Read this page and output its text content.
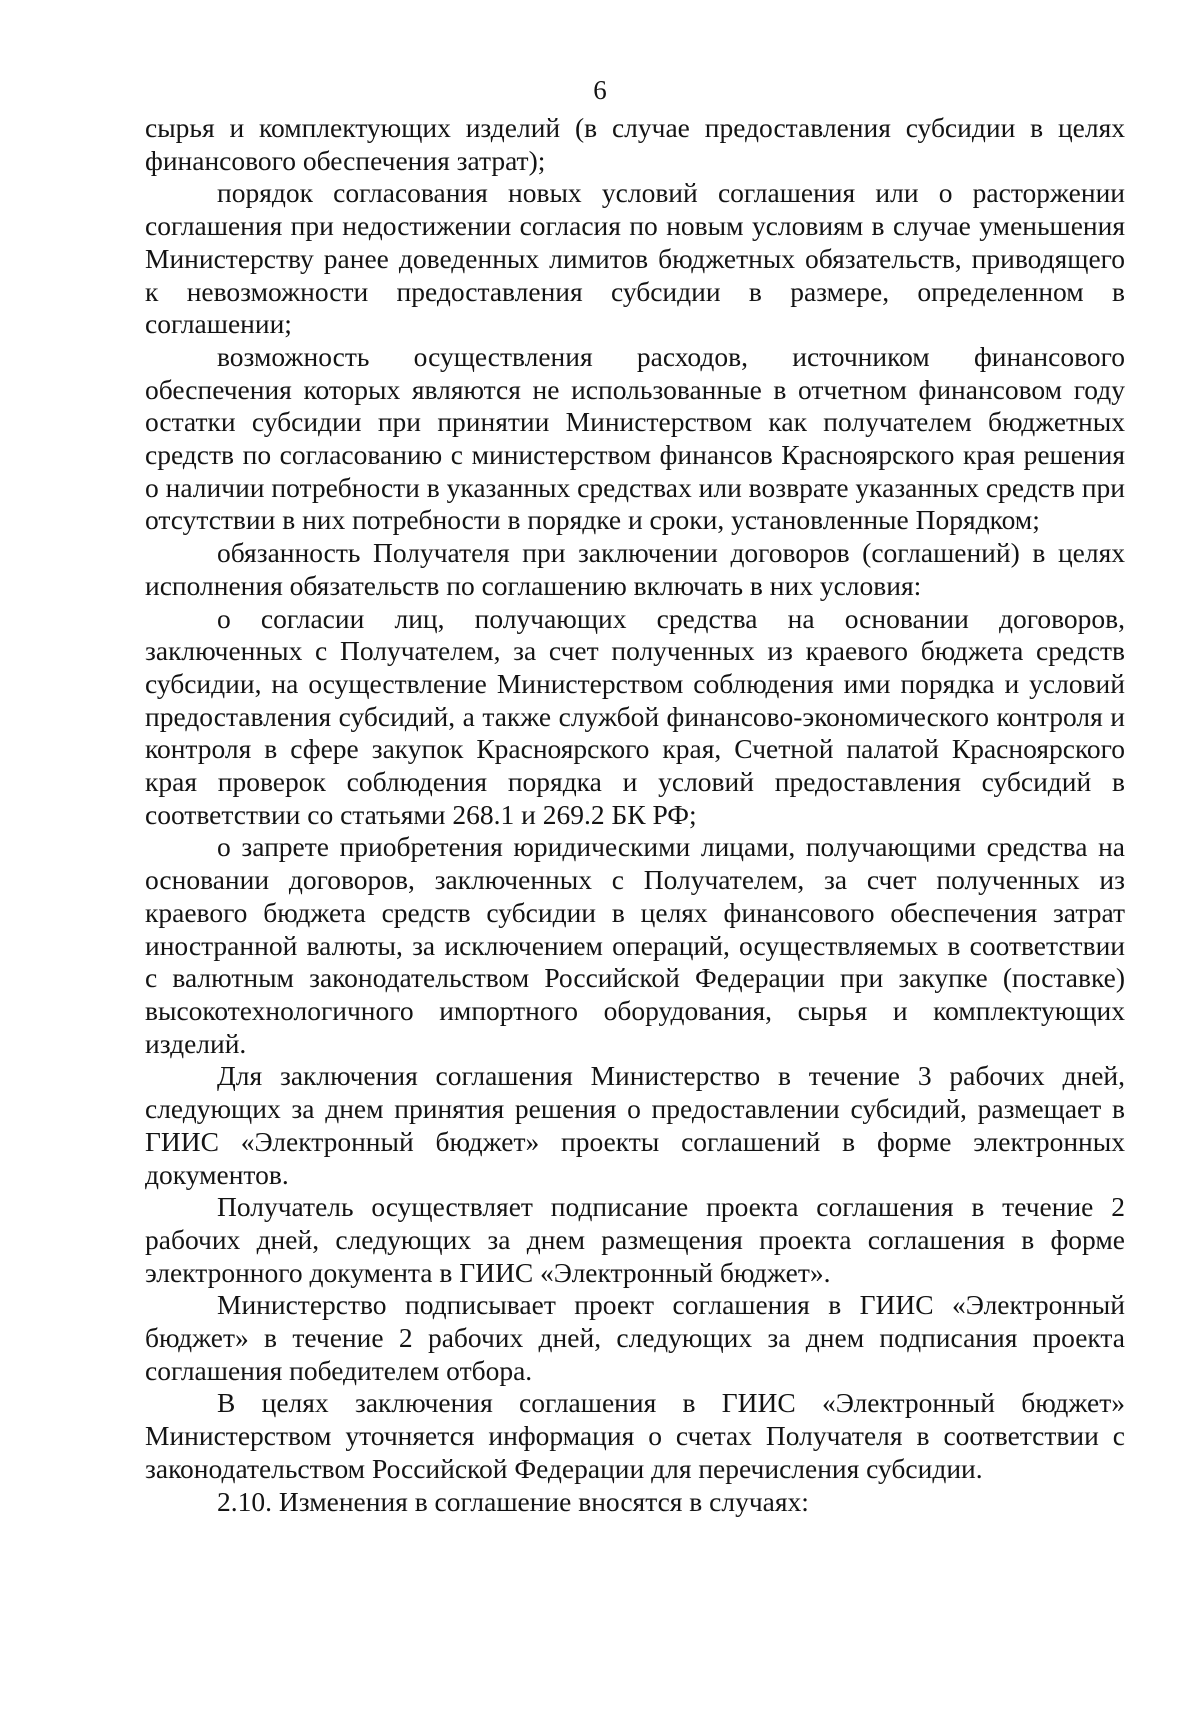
6

сырья и комплектующих изделий (в случае предоставления субсидии в целях финансового обеспечения затрат);

порядок согласования новых условий соглашения или о расторжении соглашения при недостижении согласия по новым условиям в случае уменьшения Министерству ранее доведенных лимитов бюджетных обязательств, приводящего к невозможности предоставления субсидии в размере, определенном в соглашении;

возможность осуществления расходов, источником финансового обеспечения которых являются не использованные в отчетном финансовом году остатки субсидии при принятии Министерством как получателем бюджетных средств по согласованию с министерством финансов Красноярского края решения о наличии потребности в указанных средствах или возврате указанных средств при отсутствии в них потребности в порядке и сроки, установленные Порядком;

обязанность Получателя при заключении договоров (соглашений) в целях исполнения обязательств по соглашению включать в них условия:

о согласии лиц, получающих средства на основании договоров, заключенных с Получателем, за счет полученных из краевого бюджета средств субсидии, на осуществление Министерством соблюдения ими порядка и условий предоставления субсидий, а также службой финансово-экономического контроля и контроля в сфере закупок Красноярского края, Счетной палатой Красноярского края проверок соблюдения порядка и условий предоставления субсидий в соответствии со статьями 268.1 и 269.2 БК РФ;

о запрете приобретения юридическими лицами, получающими средства на основании договоров, заключенных с Получателем, за счет полученных из краевого бюджета средств субсидии в целях финансового обеспечения затрат иностранной валюты, за исключением операций, осуществляемых в соответствии с валютным законодательством Российской Федерации при закупке (поставке) высокотехнологичного импортного оборудования, сырья и комплектующих изделий.

Для заключения соглашения Министерство в течение 3 рабочих дней, следующих за днем принятия решения о предоставлении субсидий, размещает в ГИИС «Электронный бюджет» проекты соглашений в форме электронных документов.

Получатель осуществляет подписание проекта соглашения в течение 2 рабочих дней, следующих за днем размещения проекта соглашения в форме электронного документа в ГИИС «Электронный бюджет».

Министерство подписывает проект соглашения в ГИИС «Электронный бюджет» в течение 2 рабочих дней, следующих за днем подписания проекта соглашения победителем отбора.

В целях заключения соглашения в ГИИС «Электронный бюджет» Министерством уточняется информация о счетах Получателя в соответствии с законодательством Российской Федерации для перечисления субсидии.

2.10. Изменения в соглашение вносятся в случаях:
